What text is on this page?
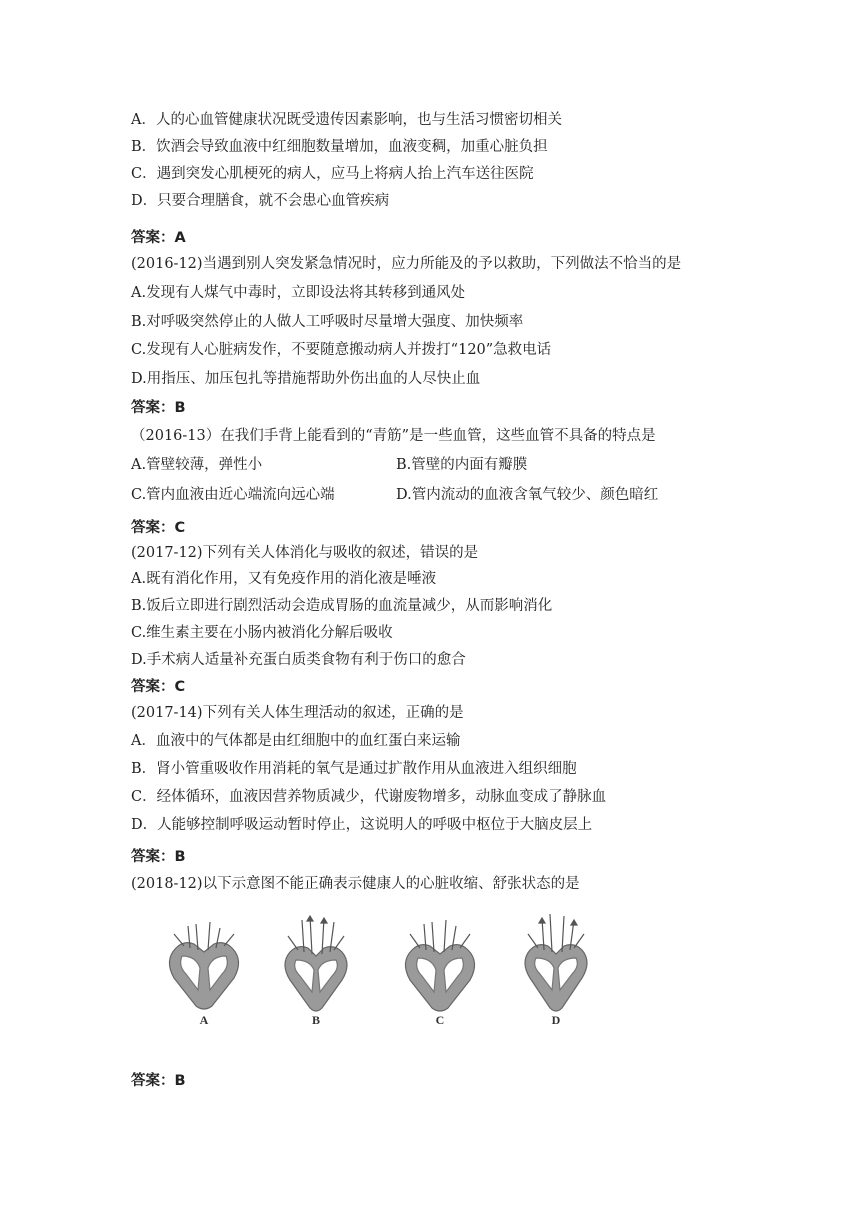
A．人的心血管健康状况既受遗传因素影响，也与生活习惯密切相关
B．饮酒会导致血液中红细胞数量增加，血液变稠，加重心脏负担
C．遇到突发心肌梗死的病人，应马上将病人抬上汽车送往医院
D．只要合理膳食，就不会患心血管疾病
答案：A
(2016-12)当遇到别人突发紧急情况时，应力所能及的予以救助，下列做法不恰当的是
A.发现有人煤气中毒时，立即设法将其转移到通风处
B.对呼吸突然停止的人做人工呼吸时尽量增大强度、加快频率
C.发现有人心脏病发作，不要随意搬动病人并拨打“120”急救电话
D.用指压、加压包扎等措施帮助外伤出血的人尽快止血
答案：B
（2016-13）在我们手背上能看到的“青筋”是一些血管，这些血管不具备的特点是
A.管壁较薄，弹性小	B.管壁的内面有瓣膜
C.管内血液由近心端流向远心端	D.管内流动的血液含氧气较少、颜色暗红
答案：C
(2017-12)下列有关人体消化与吸收的叙述，错误的是
A.既有消化作用，又有免疫作用的消化液是唾液
B.饭后立即进行剧烈活动会造成胃肠的血流量减少，从而影响消化
C.维生素主要在小肠内被消化分解后吸收
D.手术病人适量补充蛋白质类食物有利于伤口的愈合
答案：C
(2017-14)下列有关人体生理活动的叙述，正确的是
A．血液中的气体都是由红细胞中的血红蛋白来运输
B．肾小管重吸收作用消耗的氧气是通过扩散作用从血液进入组织细胞
C．经体循环，血液因营养物质减少，代谢废物增多，动脉血变成了静脉血
D．人能够控制呼吸运动暂时停止，这说明人的呼吸中枢位于大脑皮层上
答案：B
(2018-12)以下示意图不能正确表示健康人的心脏收缩、舒张状态的是
A	B	C	D
答案：B
